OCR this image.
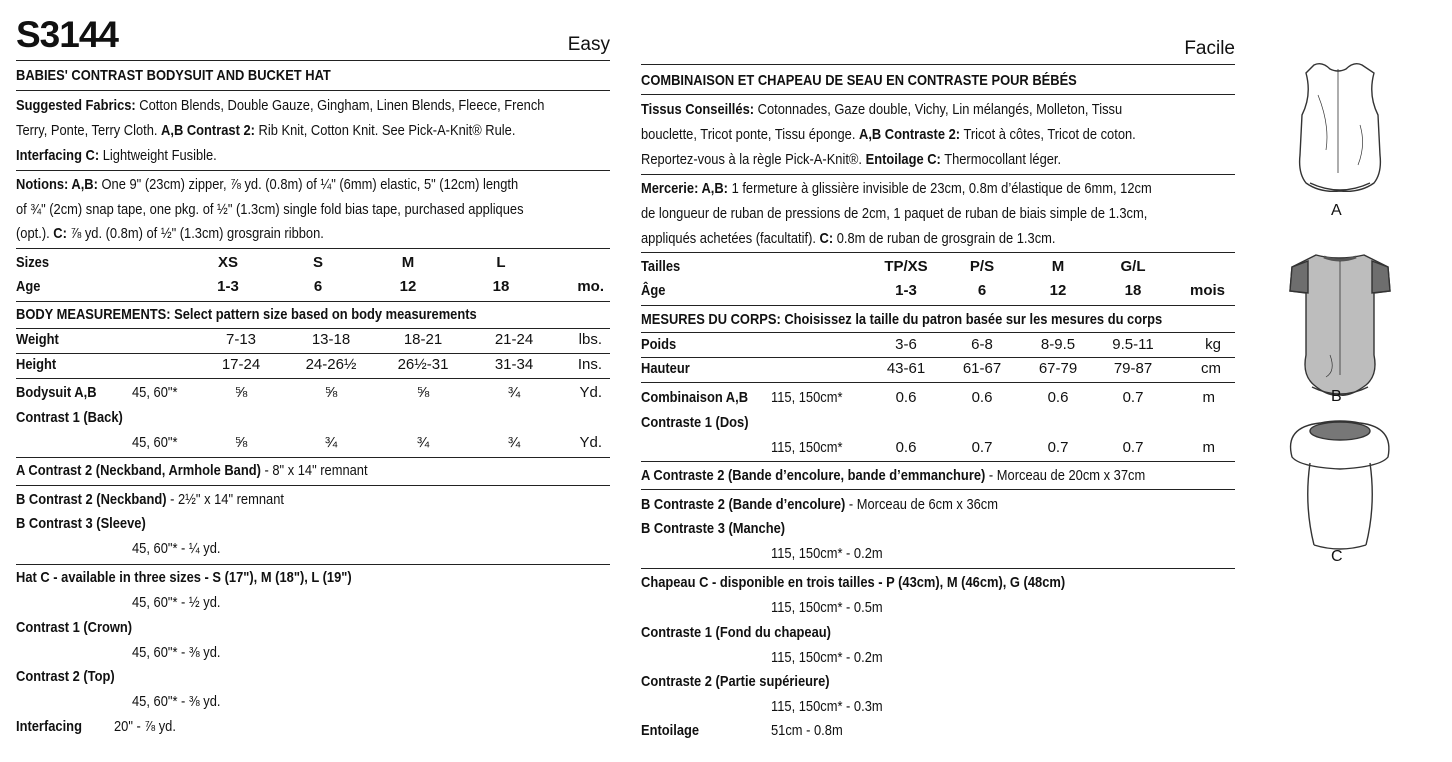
S3144	Easy
BABIES' CONTRAST BODYSUIT AND BUCKET HAT
Suggested Fabrics: Cotton Blends, Double Gauze, Gingham, Linen Blends, Fleece, French
Terry, Ponte, Terry Cloth. A,B Contrast 2: Rib Knit, Cotton Knit. See Pick-A-Knit® Rule.
Interfacing C: Lightweight Fusible.
Notions: A,B: One 9" (23cm) zipper, ⅞ yd. (0.8m) of ¼" (6mm) elastic, 5" (12cm) length
of ¾" (2cm) snap tape, one pkg. of ½" (1.3cm) single fold bias tape, purchased appliques
(opt.). C: ⅞ yd. (0.8m) of ½" (1.3cm) grosgrain ribbon.
Sizes	XS	S	M	L
Age	1-3	6	12	18	mo.
BODY MEASUREMENTS: Select pattern size based on body measurements
Weight	7-13	13-18	18-21	21-24	lbs.
Height	17-24	24-26½	26½-31	31-34	Ins.
Bodysuit A,B 45, 60"*	⅝	⅝	⅝	¾	Yd.
Contrast 1 (Back)
45, 60"*	⅝	¾	¾	¾	Yd.
A Contrast 2 (Neckband, Armhole Band) - 8" x 14" remnant
B Contrast 2 (Neckband) - 2½" x 14" remnant
B Contrast 3 (Sleeve)
45, 60"* - ¼ yd.
Hat C - available in three sizes - S (17"), M (18"), L (19")
45, 60"* - ½ yd.
Contrast 1 (Crown)
45, 60"* - ⅜ yd.
Contrast 2 (Top)
45, 60"* - ⅜ yd.
Interfacing 20" - ⅞ yd.
Facile
COMBINAISON ET CHAPEAU DE SEAU EN CONTRASTE POUR BÉBÉS
Tissus Conseillés: Cotonnades, Gaze double, Vichy, Lin mélangés, Molleton, Tissu
bouclette, Tricot ponte, Tissu éponge. A,B Contraste 2: Tricot à côtes, Tricot de coton.
Reportez-vous à la règle Pick-A-Knit®. Entoilage C: Thermocollant léger.
Mercerie: A,B: 1 fermeture à glissière invisible de 23cm, 0.8m d’élastique de 6mm, 12cm
de longueur de ruban de pressions de 2cm, 1 paquet de ruban de biais simple de 1.3cm,
appliqués achetées (facultatif). C: 0.8m de ruban de grosgrain de 1.3cm.
Tailles	TP/XS	P/S	M	G/L
Âge	1-3	6	12	18	mois
MESURES DU CORPS: Choisissez la taille du patron basée sur les mesures du corps
Poids	3-6	6-8	8-9.5	9.5-11	kg
Hauteur	43-61	61-67	67-79	79-87	cm
Combinaison A,B 115, 150cm*	0.6	0.6	0.6	0.7	m
Contraste 1 (Dos)
115, 150cm*	0.6	0.7	0.7	0.7	m
A Contraste 2 (Bande d’encolure, bande d’emmanchure) - Morceau de 20cm x 37cm
B Contraste 2 (Bande d’encolure) - Morceau de 6cm x 36cm
B Contraste 3 (Manche)
115, 150cm* - 0.2m
Chapeau C - disponible en trois tailles - P (43cm), M (46cm), G (48cm)
115, 150cm* - 0.5m
Contraste 1 (Fond du chapeau)
115, 150cm* - 0.2m
Contraste 2 (Partie supérieure)
115, 150cm* - 0.3m
Entoilage	51cm - 0.8m
A
B
C
